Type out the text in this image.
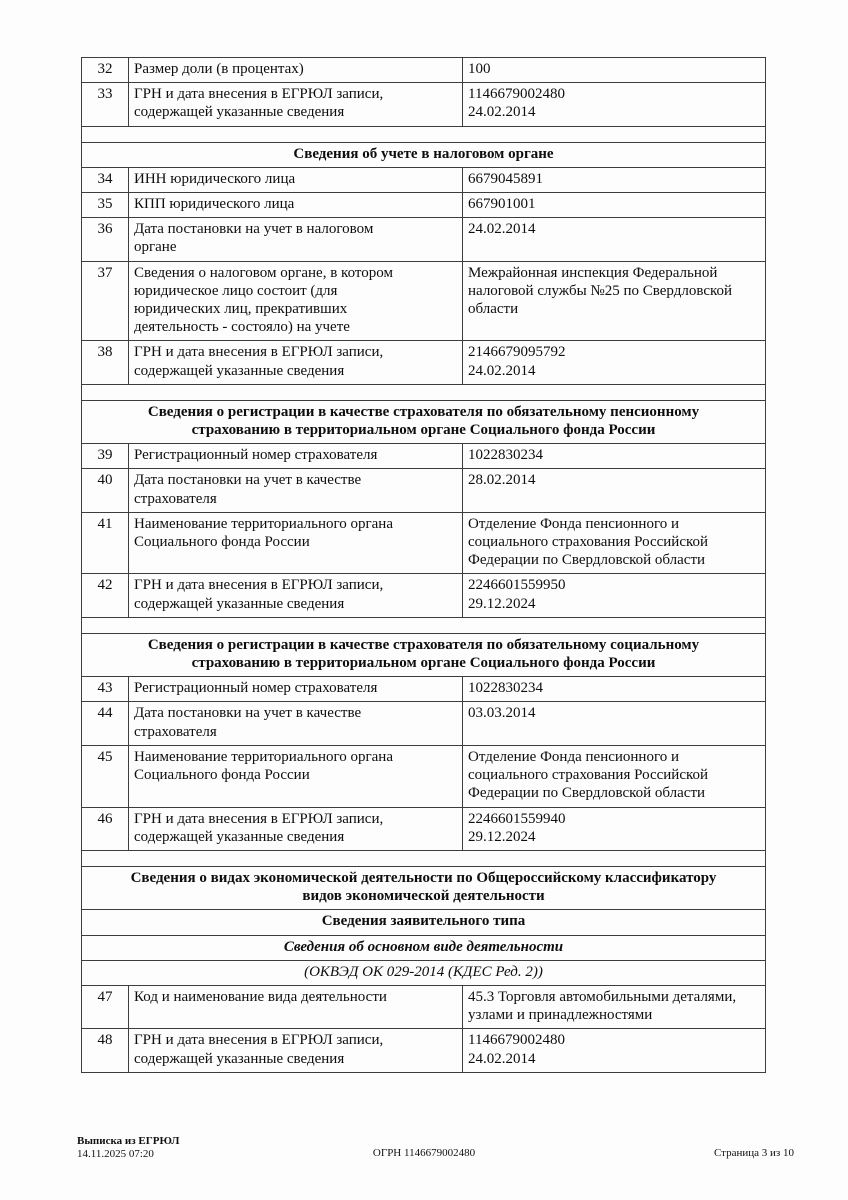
32	Размер доли (в процентах)	100
33	ГРН и дата внесения в ЕГРЮЛ записи,
содержащей указанные сведения	1146679002480
24.02.2014

Сведения об учете в налоговом органе		
34	ИНН юридического лица	6679045891
35	КПП юридического лица	667901001
36	Дата постановки на учет в налоговом
органе	24.02.2014
37	Сведения о налоговом органе, в котором
юридическое лицо состоит (для
юридических лиц, прекративших
деятельность - состояло) на учете	Межрайонная инспекция Федеральной
налоговой службы №25 по Свердловской
области
38	ГРН и дата внесения в ЕГРЮЛ записи,
содержащей указанные сведения	2146679095792
24.02.2014

Сведения о регистрации в качестве страхователя по обязательному пенсионному
страхованию в территориальном органе Социального фонда России		
39	Регистрационный номер страхователя	1022830234
40	Дата постановки на учет в качестве
страхователя	28.02.2014
41	Наименование территориального органа
Социального фонда России	Отделение Фонда пенсионного и
социального страхования Российской
Федерации по Свердловской области
42	ГРН и дата внесения в ЕГРЮЛ записи,
содержащей указанные сведения	2246601559950
29.12.2024

Сведения о регистрации в качестве страхователя по обязательному социальному
страхованию в территориальном органе Социального фонда России		
43	Регистрационный номер страхователя	1022830234
44	Дата постановки на учет в качестве
страхователя	03.03.2014
45	Наименование территориального органа
Социального фонда России	Отделение Фонда пенсионного и
социального страхования Российской
Федерации по Свердловской области
46	ГРН и дата внесения в ЕГРЮЛ записи,
содержащей указанные сведения	2246601559940
29.12.2024

Сведения о видах экономической деятельности по Общероссийскому классификатору
видов экономической деятельности		
Сведения заявительного типа		
Сведения об основном виде деятельности		
(ОКВЭД ОК 029-2014 (КДЕС Ред. 2))		
47	Код и наименование вида деятельности	45.3 Торговля автомобильными деталями,
узлами и принадлежностями
48	ГРН и дата внесения в ЕГРЮЛ записи,
содержащей указанные сведения	1146679002480
24.02.2014
Выписка из ЕГРЮЛ
14.11.2025 07:20	ОГРН 1146679002480	Страница 3 из 10
